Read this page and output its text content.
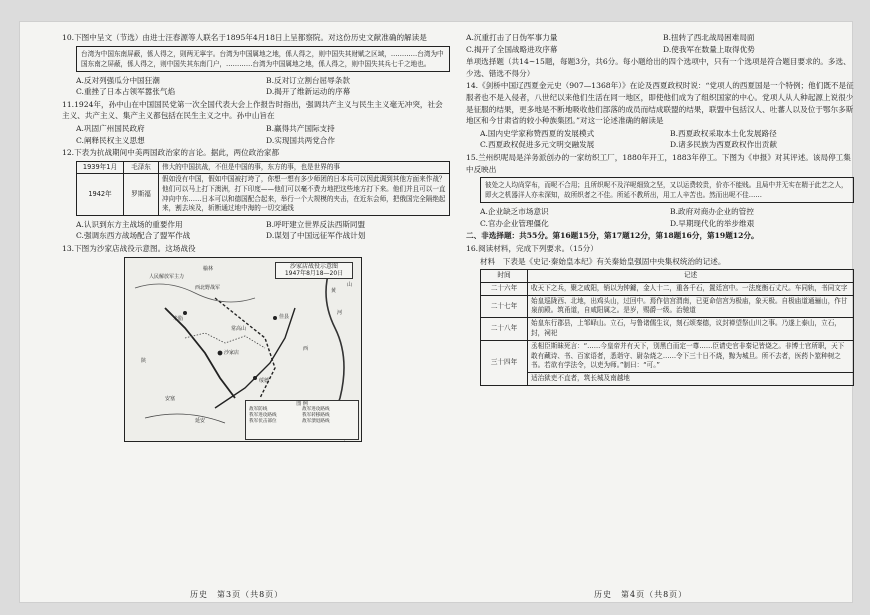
10.下图中呈文（节选）由进士汪春源等人联名于1895年4月18日上呈都察院。对这份历史文献准确的解读是
台湾为中国东南屏蔽，係人得之，則两无寧宇。台湾为中国属地之地，係人得之，则中国失其财赋之区域，…………台湾为中国东南之屏蔽，係人得之，则中国失其东南门户，…………台湾为中国属地之地，係人得之，则中国失其兵七千之地也。
A.反对列强瓜分中国狂潮	B.反对订立割台屈辱条款
C.重挫了日本占领军嚣张气焰	D.揭开了维新运动的序幕
11.1924年，孙中山在中国国民党第一次全国代表大会上作报告时指出，强调共产主义与民生主义毫无冲突，社会主义、共产主义、集产主义都包括在民生主义之中。孙中山旨在
A.巩固广州国民政府	B.赢得共产国际支持
C.阐释民权主义思想	D.实现国共两党合作
12.下表为抗战期间中美两国政治家的言论。据此，两位政治家都
1939年1月	毛泽东	伟大的中国抗战，不但是中国的事，东方的事，也是世界的事
1942年	罗斯福	假如没有中国，假如中国被打垮了，你想一想有多少师团的日本兵可以因此调到其他方面来作战？他们可以马上打下澳洲，打下印度——他们可以毫不费力地把这些地方打下来。他们并且可以一直冲向中东……日本可以和德国配合起来，举行一个大规模的夹击，在近东会师，把俄国完全隔绝起来，割去埃及，斩断通过地中海的一切交通线
A.认识到东方主战场的重要作用	B.呼吁建立世界反法西斯同盟
C.强调东西方战场配合了盟军作战	D.谋划了中国远征军作战计划
13.下图为沙家店战役示意图。这场战役
沙家店战役示意图
1947年8月18—20日
人民解放军主力
西北野战军
榆林
米脂
沙家店
绥德
佳县
陕
西
黄
山
河
常高山
安塞
延安
图 例
敌军防线	敌军进攻路线
我军进攻路线	我军转移路线
我军伏击部位	敌军溃退路线
历史　第3页（共8页）
A.沉重打击了日伪军事力量	B.扭转了西北战局困难局面
C.揭开了全国战略进攻序幕	D.使我军在数量上取得优势
单项选择题（共14~15题，每题3分，共6分。每小题给出的四个选项中，只有一个选项是符合题目要求的。多选、少选、错选不得分）
14.《剑桥中国辽西夏金元史（907—1368年）》在论及西夏政权时说：“党项人的西夏国是一个特例；他们既不是征服者也不是入侵者，八世纪以来他们生活在同一地区，即使他们成为了组织国家的中心。党项人从人种起源上说很少是征服的结果，更多地是不断地吸收他们部落的成员而结成联盟的结果，联盟中包括汉人、吐蕃人以及位于鄂尔多斯地区和今甘肃省的较小种族集团。”对这一论述准确的解读是
A.国内史学家称赞西夏的发展模式	B.西夏政权采取本土化发展路径
C.西夏政权促进多元文明交融发展	D.诸多民族为西夏政权作出贡献
15.兰州织呢局是洋务派创办的一家纺织工厂，1880年开工，1883年停工。下图为《申报》对其评述。该局停工集中反映出
彼处之人均尚穿布，而呢不合用；且所织呢不及洋呢细致之坚，又以运费较贵，价亦不能贱。且局中并无实在精于此艺之人，即火之机器洋人亦未深知，故所织者之不佳。所延不教所出，用工人辛苦也。然而出呢不佳……
A.企业缺乏市场意识	B.政府对商办企业的管控
C.官办企业管理僵化	D.早期现代化的举步维艰
二、非选择题：共55分。第16题15分，第17题12分，第18题16分，第19题12分。
16.阅读材料，完成下列要求。（15分）
材料　下表是《史记·秦始皇本纪》有关秦始皇强固中央集权统治的记述。
时间	记述
二十六年	收天下之兵，聚之咸阳，销以为钟鐻，金人十二，重各千石，置廷宫中。一法度衡石丈尺。车同轨，书同文字
二十七年	始皇巡陇西、北地，出鸡头山，过回中。焉作信宫渭南，已更命信宫为极庙，象天极。自极庙道通骊山，作甘泉前殿。筑甬道，自咸阳属之。是岁，赐爵一级。治驰道
二十八年	始皇东行郡县，上邹峄山。立石，与鲁诸儒生议，刻石颂秦德，议封禅望祭山川之事。乃遂上泰山，立石，封，祠祀
三十四年	丞相臣斯昧死言：“……今皇帝并有天下，别黑白而定一尊……臣请史官非秦记皆烧之。非博士官所职，天下敢有藏诗、书、百家语者，悉诣守、尉杂烧之……令下三十日不烧，黥为城旦。所不去者，医药卜筮种树之书。若欲有学法令，以吏为师。”制曰：“可。”
	适治狱吏不直者，筑长城及南越地
历史　第4页（共8页）
